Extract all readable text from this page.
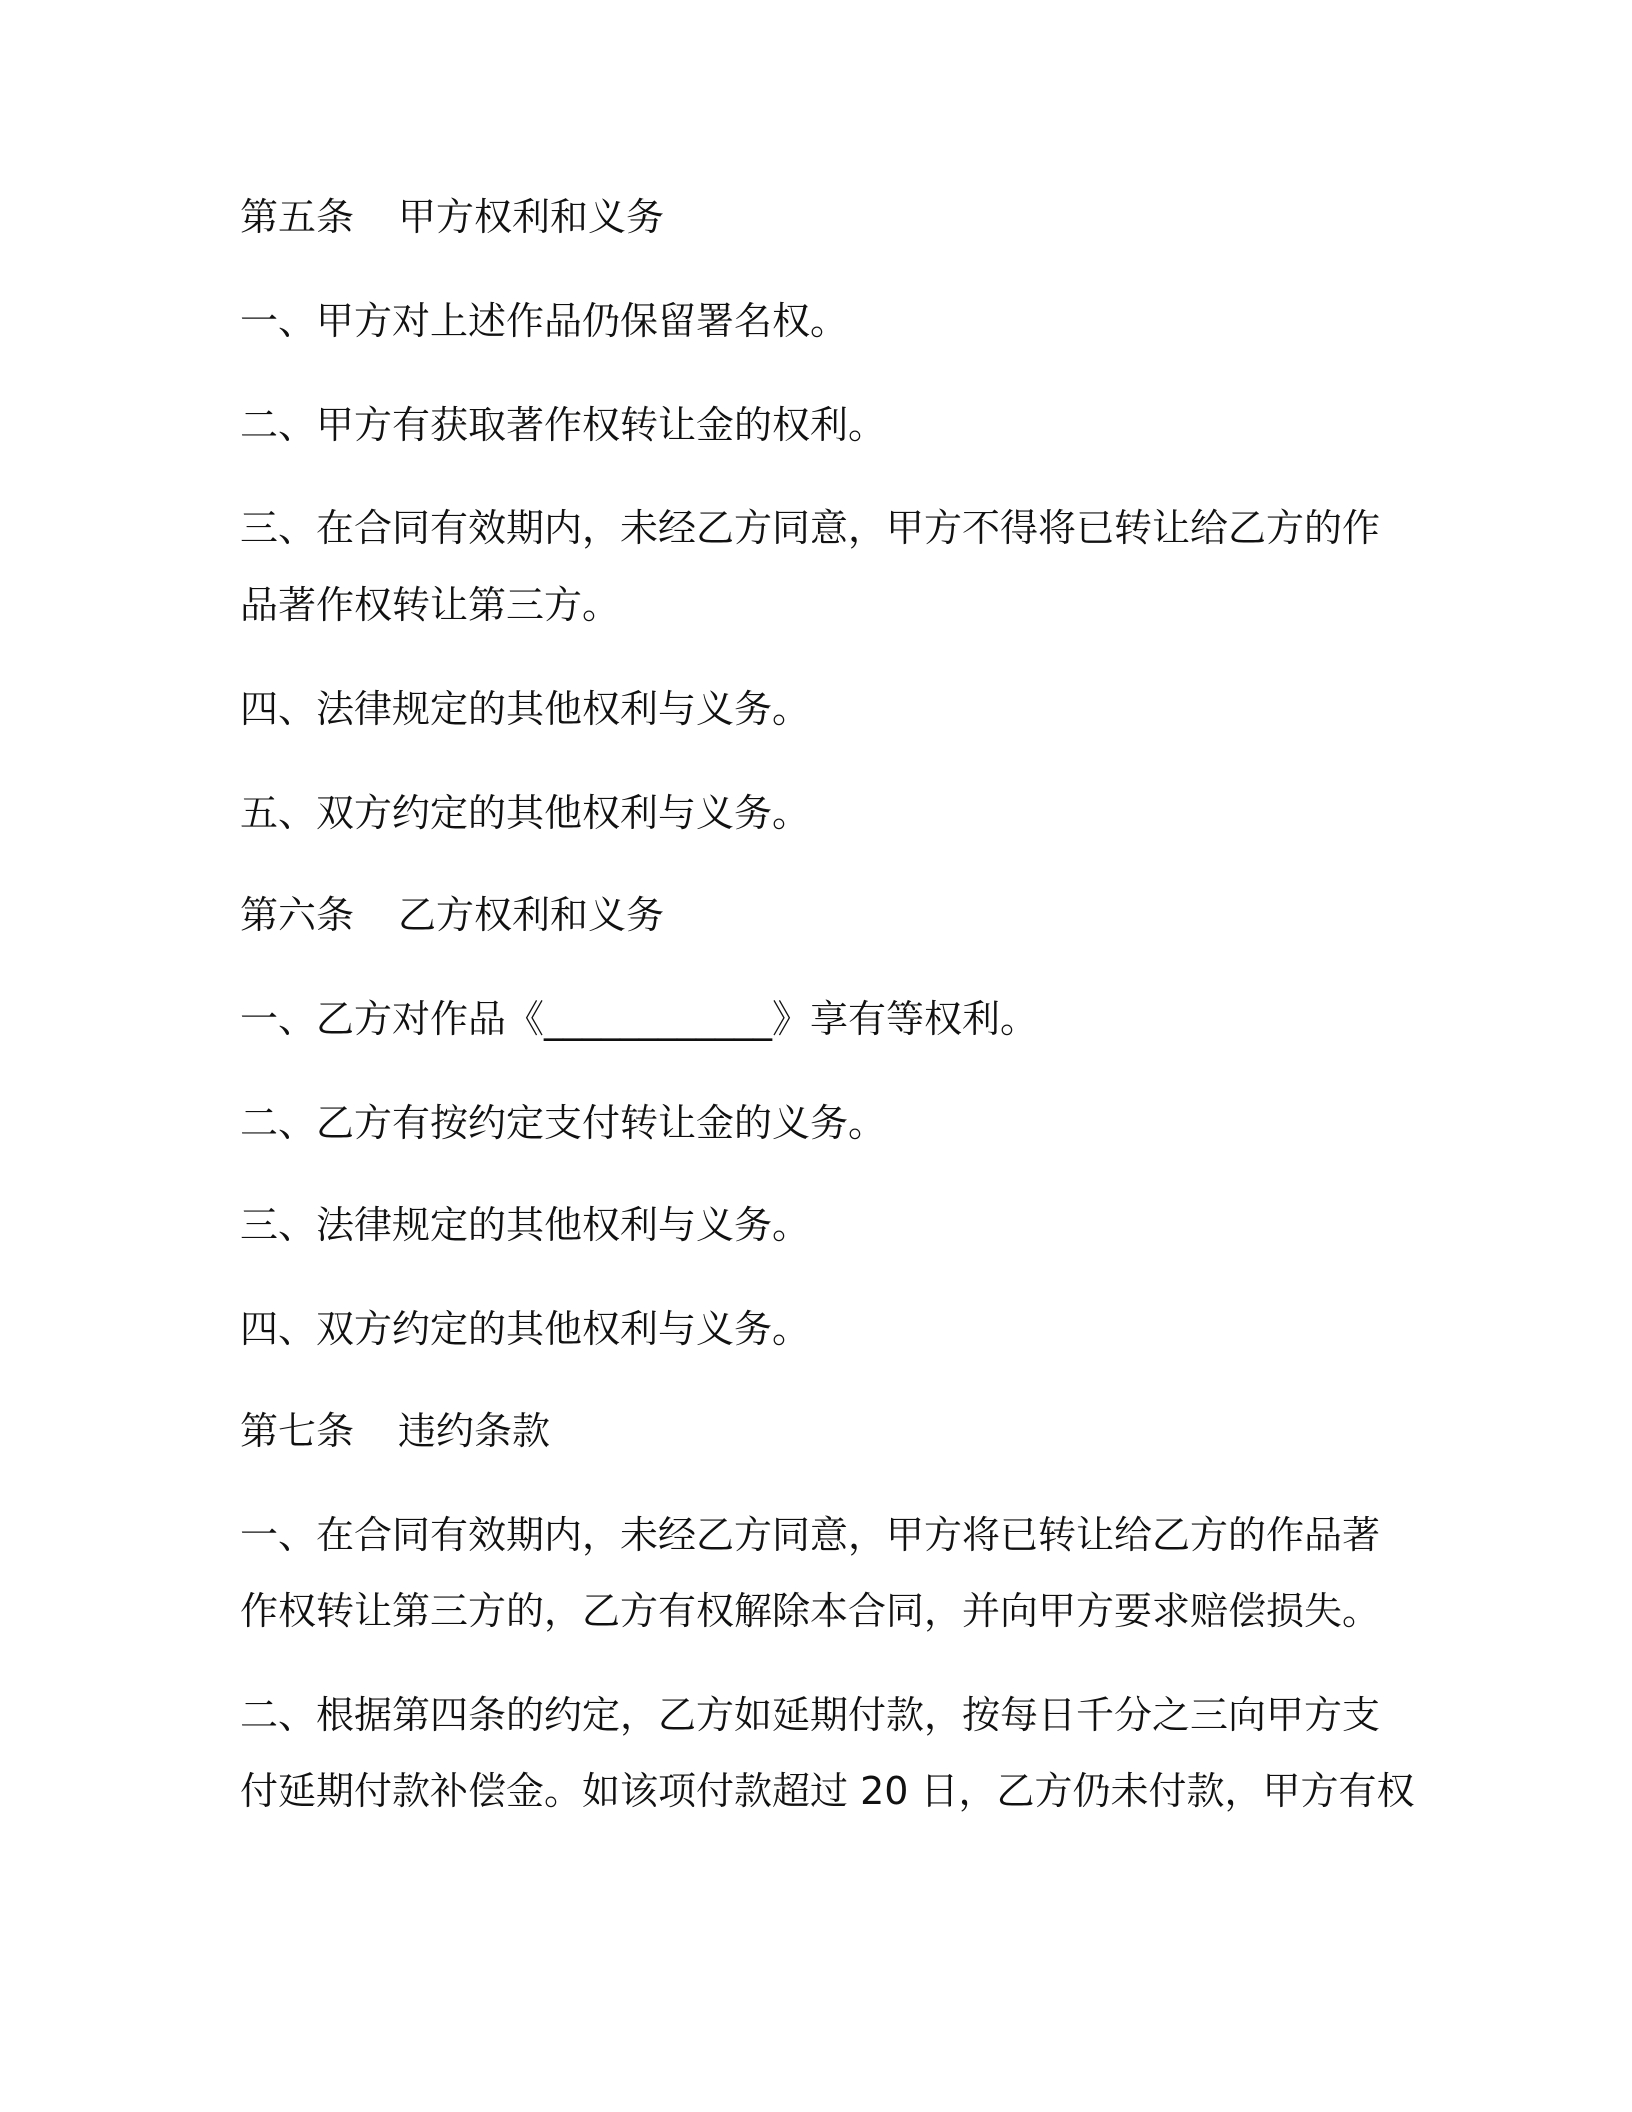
第五条 甲方权利和义务
一、甲方对上述作品仍保留署名权。
二、甲方有获取著作权转让金的权利。
三、在合同有效期内，未经乙方同意，甲方不得将已转让给乙方的作
品著作权转让第三方。
四、法律规定的其他权利与义务。
五、双方约定的其他权利与义务。
第六条 乙方权利和义务
一、乙方对作品《____________》享有等权利。
二、乙方有按约定支付转让金的义务。
三、法律规定的其他权利与义务。
四、双方约定的其他权利与义务。
第七条 违约条款
一、在合同有效期内，未经乙方同意，甲方将已转让给乙方的作品著
作权转让第三方的，乙方有权解除本合同，并向甲方要求赔偿损失。
二、根据第四条的约定，乙方如延期付款，按每日千分之三向甲方支
付延期付款补偿金。如该项付款超过 20 日，乙方仍未付款，甲方有权
